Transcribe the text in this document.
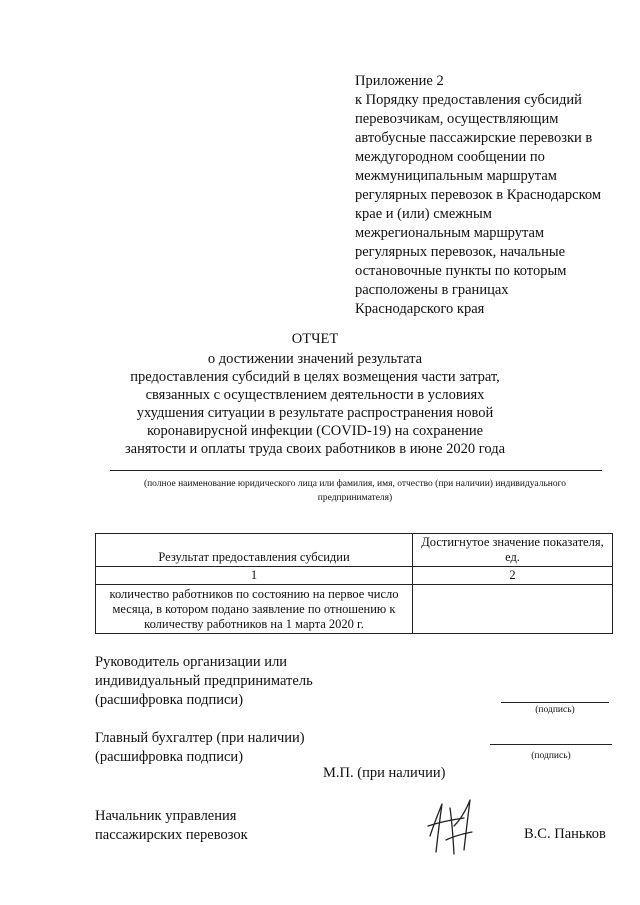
Приложение 2
к Порядку предоставления субсидий
перевозчикам, осуществляющим
автобусные пассажирские перевозки в
междугородном сообщении по
межмуниципальным маршрутам
регулярных перевозок в Краснодарском
крае и (или) смежным
межрегиональным маршрутам
регулярных перевозок, начальные
остановочные пункты по которым
расположены в границах
Краснодарского края
ОТЧЕТ
о достижении значений результата
предоставления субсидий в целях возмещения части затрат,
связанных с осуществлением деятельности в условиях
ухудшения ситуации в результате распространения новой
коронавирусной инфекции (COVID-19) на сохранение
занятости и оплаты труда своих работников в июне 2020 года
(полное наименование юридического лица или фамилия, имя, отчество (при наличии) индивидуального
предпринимателя)
Результат предоставления субсидии	Достигнутое значение показателя, ед.
1	2
количество работников по состоянию на первое число месяца, в котором подано заявление по отношению к количеству работников на 1 марта 2020 г.	
Руководитель организации или
индивидуальный предприниматель
(расшифровка подписи)
(подпись)
Главный бухгалтер (при наличии)
(расшифровка подписи)	(подпись)
М.П. (при наличии)
Начальник управления
пассажирских перевозок	В.С. Паньков
